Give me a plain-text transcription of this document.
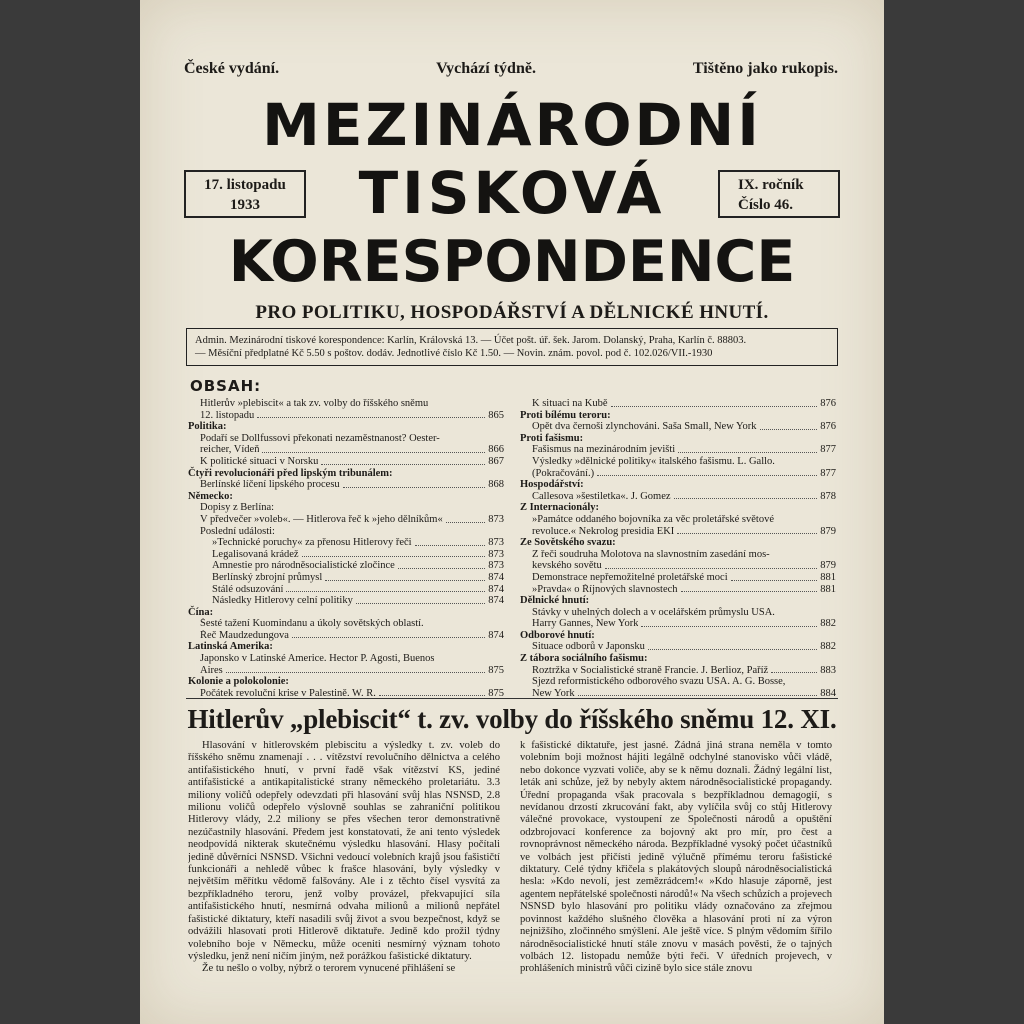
České vydání.	Vychází týdně.	Tištěno jako rukopis.
MEZINÁRODNÍ
TISKOVÁ
KORESPONDENCE
17. listopadu
1933
IX. ročník
Číslo 46.
PRO POLITIKU, HOSPODÁŘSTVÍ A DĚLNICKÉ HNUTÍ.
Admin. Mezinárodní tiskové korespondence: Karlín, Královská 13. — Účet pošt. úř. šek. Jarom. Dolanský, Praha, Karlín č. 88803.
— Měsíční předplatné Kč 5.50 s poštov. dodáv. Jednotlivé číslo Kč 1.50. — Novin. znám. povol. pod č. 102.026/VII.-1930
OBSAH:
Hitlerův »plebiscit« a tak zv. volby do říšského sněmu
12. listopadu	865
Politika:
Podaří se Dollfussovi překonati nezaměstnanost? Oester-
reicher, Vídeň	866
K politické situaci v Norsku	867
Čtyři revolucionáři před lipským tribunálem:
Berlínské líčení lipského procesu	868
Německo:
Dopisy z Berlína:
V předvečer »voleb«. — Hitlerova řeč k »jeho dělníkům«	873
Poslední události:
»Technické poruchy« za přenosu Hitlerovy řeči	873
Legalisovaná krádež	873
Amnestie pro národněsocialistické zločince	873
Berlínský zbrojní průmysl	874
Stálé odsuzování	874
Následky Hitlerovy celní politiky	874
Čína:
Šesté tažení Kuomindanu a úkoly sovětských oblastí.
Řeč Maudzedungova	874
Latinská Amerika:
Japonsko v Latinské Americe. Hector P. Agosti, Buenos
Aires	875
Kolonie a polokolonie:
Počátek revoluční krise v Palestině. W. R.	875
K situaci na Kubě	876
Proti bílému teroru:
Opět dva černoši zlynchováni. Saša Small, New York	876
Proti fašismu:
Fašismus na mezinárodním jevišti	877
Výsledky »dělnické politiky« italského fašismu. L. Gallo.
(Pokračování.)	877
Hospodářství:
Callesova »šestiletka«. J. Gomez	878
Z Internacionály:
»Památce oddaného bojovníka za věc proletářské světové
revoluce.« Nekrolog presidia EKI	879
Ze Sovětského svazu:
Z řeči soudruha Molotova na slavnostním zasedání mos-
kevského sovětu	879
Demonstrace nepřemožitelné proletářské moci	881
»Pravda« o Říjnových slavnostech	881
Dělnické hnutí:
Stávky v uhelných dolech a v ocelářském průmyslu USA.
Harry Gannes, New York	882
Odborové hnutí:
Situace odborů v Japonsku	882
Z tábora sociálního fašismu:
Roztržka v Socialistické straně Francie. J. Berlioz, Paříž	883
Sjezd reformistického odborového svazu USA. A. G. Bosse,
New York	884
Hitlerův „plebiscit“ t. zv. volby do říšského sněmu 12. XI.

Hlasování v hitlerovském plebiscitu a výsledky t. zv. voleb do říšského sněmu znamenají . . . vítězství revolučního dělnictva a celého antifašistického hnutí, v první řadě však vítězství KS, jediné antifašistické a antikapitalistické strany německého proletariátu. 3.3 miliony voličů odepřely odevzdati při hlasování svůj hlas NSNSD, 2.8 milionu voličů odepřelo výslovně souhlas se zahraniční politikou Hitlerovy vlády, 2.2 miliony se přes všechen teror demonstrativně nezúčastnily hlasování. Předem jest konstatovati, že ani tento výsledek neodpovídá nikterak skutečnému výsledku hlasování. Hlasy počítali jedině důvěrníci NSNSD. Všichni vedoucí volebních krajů jsou fašističtí funkcionáři a nehledě vůbec k frašce hlasování, byly výsledky v největším měřítku vědomě falšovány. Ale i z těchto čísel vysvítá za bezpříkladného teroru, jenž volby provázel, překvapující síla antifašistického hnutí, nesmírná odvaha milionů a milionů nepřátel fašistické diktatury, kteří nasadili svůj život a svou bezpečnost, když se odvážili hlasovati proti Hitlerově diktatuře. Jedině kdo prožil týdny volebního boje v Německu, může oceniti nesmírný význam tohoto výsledku, jenž není ničím jiným, než porážkou fašistické diktatury.

Že tu nešlo o volby, nýbrž o terorem vynucené přihlášení se

k fašistické diktatuře, jest jasné. Žádná jiná strana neměla v tomto volebním boji možnost hájiti legálně odchylné stanovisko vůči vládě, nebo dokonce vyzvati voliče, aby se k němu doznali. Žádný legální list, leták ani schůze, jež by nebyly aktem národněsocialistické propagandy. Úřední propaganda však pracovala s bezpříkladnou demagogií, s nevídanou drzostí zkrucování fakt, aby vylíčila svůj co stůj Hitlerovy válečné provokace, vystoupení ze Společnosti národů a opuštění odzbrojovací konference za bojovný akt pro mír, pro čest a rovnoprávnost německého národa. Bezpříkladné vysoký počet účastníků ve volbách jest přičísti jedině výlučně přímému teroru fašistické diktatury. Celé týdny křičela s plakátových sloupů národněsocialistická hesla: »Kdo nevolí, jest zemězrádcem!« »Kdo hlasuje záporně, jest agentem nepřátelské společnosti národů!« Na všech schůzích a projevech NSNSD bylo hlasování pro politiku vlády označováno za zřejmou povinnost každého slušného člověka a hlasování proti ní za výron nejnižšího, zločinného smýšlení. Ale ještě více. S plným vědomím šířilo národněsocialistické hnutí stále znovu v masách pověsti, že o tajných volbách 12. listopadu nemůže býti řeči. V úředních projevech, v prohlášeních ministrů vůči cizině bylo sice stále znovu
